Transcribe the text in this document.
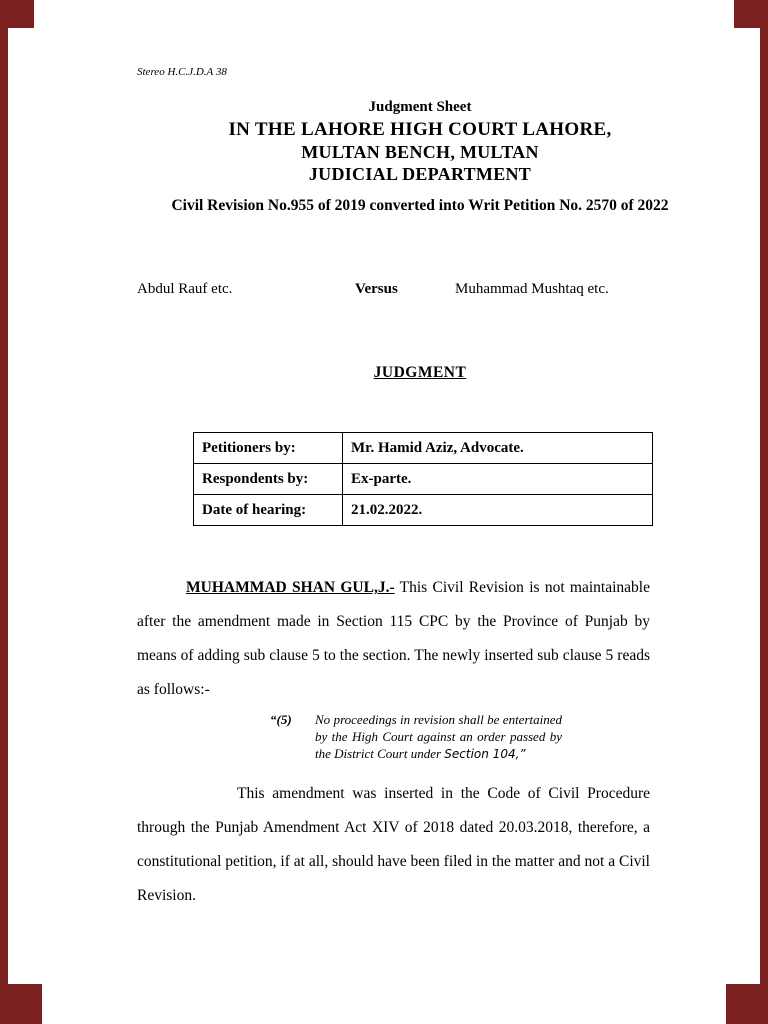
Stereo H.C.J.D.A 38
Judgment Sheet
IN THE LAHORE HIGH COURT LAHORE,
MULTAN BENCH, MULTAN
JUDICIAL DEPARTMENT
Civil Revision No.955 of 2019 converted into Writ Petition No. 2570 of 2022
Abdul Rauf etc.	Versus	Muhammad Mushtaq etc.
JUDGMENT
Petitioners by:	Mr. Hamid Aziz, Advocate.
Respondents by:	Ex-parte.
Date of hearing:	21.02.2022.
MUHAMMAD SHAN GUL,J.- This Civil Revision is not maintainable after the amendment made in Section 115 CPC by the Province of Punjab by means of adding sub clause 5 to the section. The newly inserted sub clause 5 reads as follows:-
“(5)	No proceedings in revision shall be entertained by the High Court against an order passed by the District Court under Section 104,”
This amendment was inserted in the Code of Civil Procedure through the Punjab Amendment Act XIV of 2018 dated 20.03.2018, therefore, a constitutional petition, if at all, should have been filed in the matter and not a Civil Revision.
